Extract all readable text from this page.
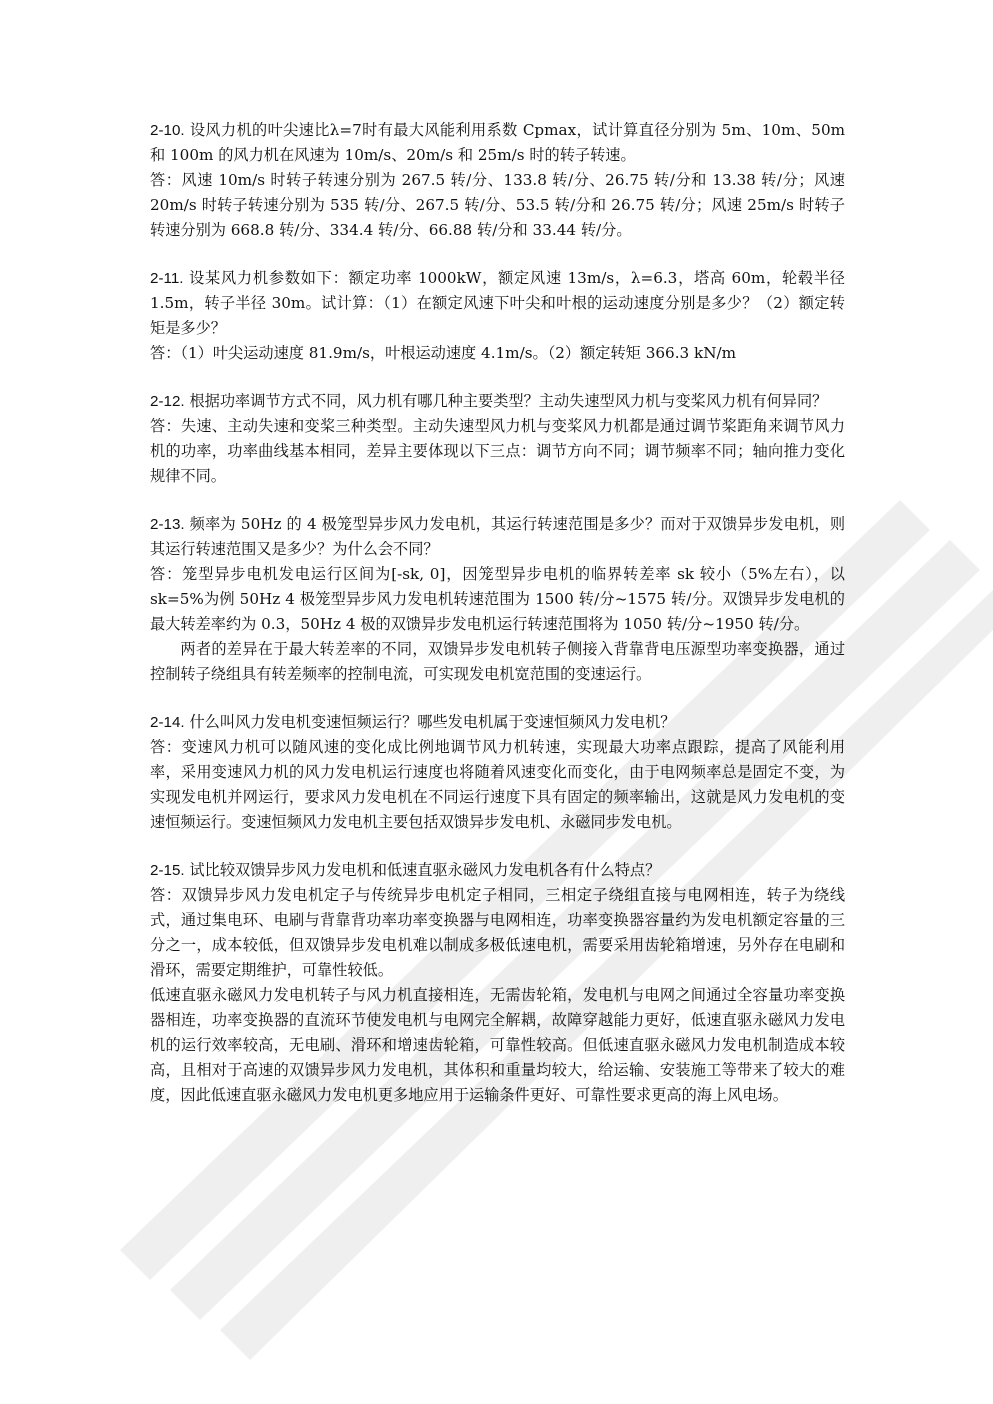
2-10. 设风力机的叶尖速比λ=7时有最大风能利用系数 Cpmax，试计算直径分别为 5m、10m、50m 和 100m 的风力机在风速为 10m/s、20m/s 和 25m/s 时的转子转速。

答：风速 10m/s 时转子转速分别为 267.5 转/分、133.8 转/分、26.75 转/分和 13.38 转/分；风速 20m/s 时转子转速分别为 535 转/分、267.5 转/分、53.5 转/分和 26.75 转/分；风速 25m/s 时转子转速分别为 668.8 转/分、334.4 转/分、66.88 转/分和 33.44 转/分。

2-11. 设某风力机参数如下：额定功率 1000kW，额定风速 13m/s，λ=6.3，塔高 60m，轮毂半径 1.5m，转子半径 30m。试计算：（1）在额定风速下叶尖和叶根的运动速度分别是多少？（2）额定转矩是多少？

答：（1）叶尖运动速度 81.9m/s，叶根运动速度 4.1m/s。（2）额定转矩 366.3 kN/m

2-12. 根据功率调节方式不同，风力机有哪几种主要类型？主动失速型风力机与变桨风力机有何异同？

答：失速、主动失速和变桨三种类型。主动失速型风力机与变桨风力机都是通过调节桨距角来调节风力机的功率，功率曲线基本相同，差异主要体现以下三点：调节方向不同；调节频率不同；轴向推力变化规律不同。

2-13. 频率为 50Hz 的 4 极笼型异步风力发电机，其运行转速范围是多少？而对于双馈异步发电机，则其运行转速范围又是多少？为什么会不同？

答：笼型异步电机发电运行区间为[-sk, 0]，因笼型异步电机的临界转差率 sk 较小（5%左右），以 sk=5%为例 50Hz 4 极笼型异步风力发电机转速范围为 1500 转/分~1575 转/分。双馈异步发电机的最大转差率约为 0.3，50Hz 4 极的双馈异步发电机运行转速范围将为 1050 转/分~1950 转/分。

两者的差异在于最大转差率的不同，双馈异步发电机转子侧接入背靠背电压源型功率变换器，通过控制转子绕组具有转差频率的控制电流，可实现发电机宽范围的变速运行。

2-14. 什么叫风力发电机变速恒频运行？哪些发电机属于变速恒频风力发电机？

答：变速风力机可以随风速的变化成比例地调节风力机转速，实现最大功率点跟踪，提高了风能利用率，采用变速风力机的风力发电机运行速度也将随着风速变化而变化，由于电网频率总是固定不变，为实现发电机并网运行，要求风力发电机在不同运行速度下具有固定的频率输出，这就是风力发电机的变速恒频运行。变速恒频风力发电机主要包括双馈异步发电机、永磁同步发电机。

2-15. 试比较双馈异步风力发电机和低速直驱永磁风力发电机各有什么特点？

答：双馈异步风力发电机定子与传统异步电机定子相同，三相定子绕组直接与电网相连，转子为绕线式，通过集电环、电刷与背靠背功率功率变换器与电网相连，功率变换器容量约为发电机额定容量的三分之一，成本较低，但双馈异步发电机难以制成多极低速电机，需要采用齿轮箱增速，另外存在电刷和滑环，需要定期维护，可靠性较低。

低速直驱永磁风力发电机转子与风力机直接相连，无需齿轮箱，发电机与电网之间通过全容量功率变换器相连，功率变换器的直流环节使发电机与电网完全解耦，故障穿越能力更好，低速直驱永磁风力发电机的运行效率较高，无电刷、滑环和增速齿轮箱，可靠性较高。但低速直驱永磁风力发电机制造成本较高，且相对于高速的双馈异步风力发电机，其体积和重量均较大，给运输、安装施工等带来了较大的难度，因此低速直驱永磁风力发电机更多地应用于运输条件更好、可靠性要求更高的海上风电场。
